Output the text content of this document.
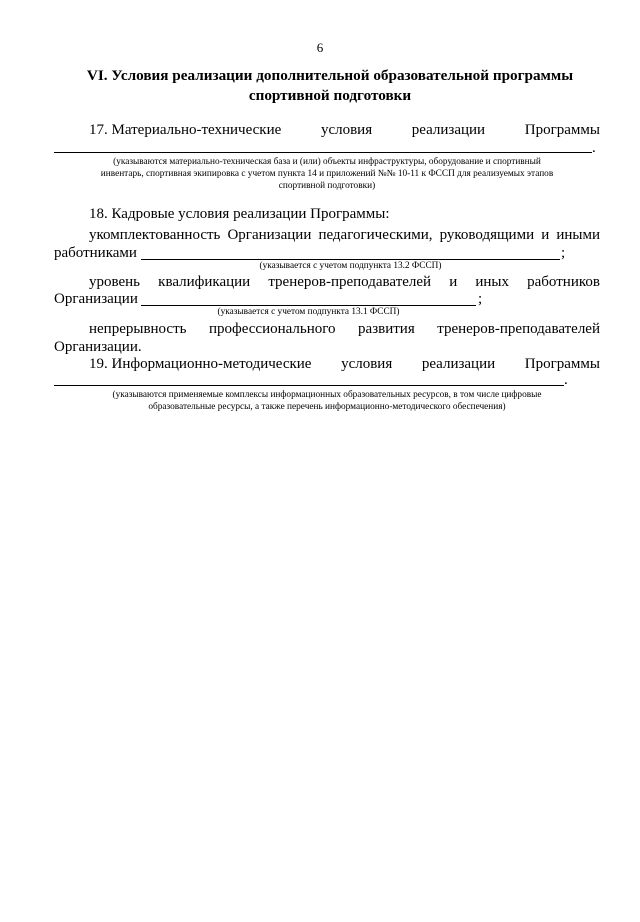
6
VI. Условия реализации дополнительной образовательной программы
спортивной подготовки
17. Материально-технические	условия	реализации	Программы
.
(указываются материально-техническая база и (или) объекты инфраструктуры, оборудование и спортивный
инвентарь, спортивная экипировка с учетом пункта 14 и приложений №№ 10-11 к ФССП для реализуемых этапов
спортивной подготовки)
18. Кадровые условия реализации Программы:
укомплектованность Организации педагогическими, руководящими и иными
работниками	;
(указывается с учетом подпункта 13.2 ФССП)
уровень квалификации тренеров-преподавателей и иных работников
Организации	;
(указывается с учетом подпункта 13.1 ФССП)
непрерывность профессионального развития тренеров-преподавателей
Организации.
19. Информационно-методические условия реализации Программы
.
(указываются применяемые комплексы информационных образовательных ресурсов, в том числе цифровые
образовательные ресурсы, а также перечень информационно-методического обеспечения)
